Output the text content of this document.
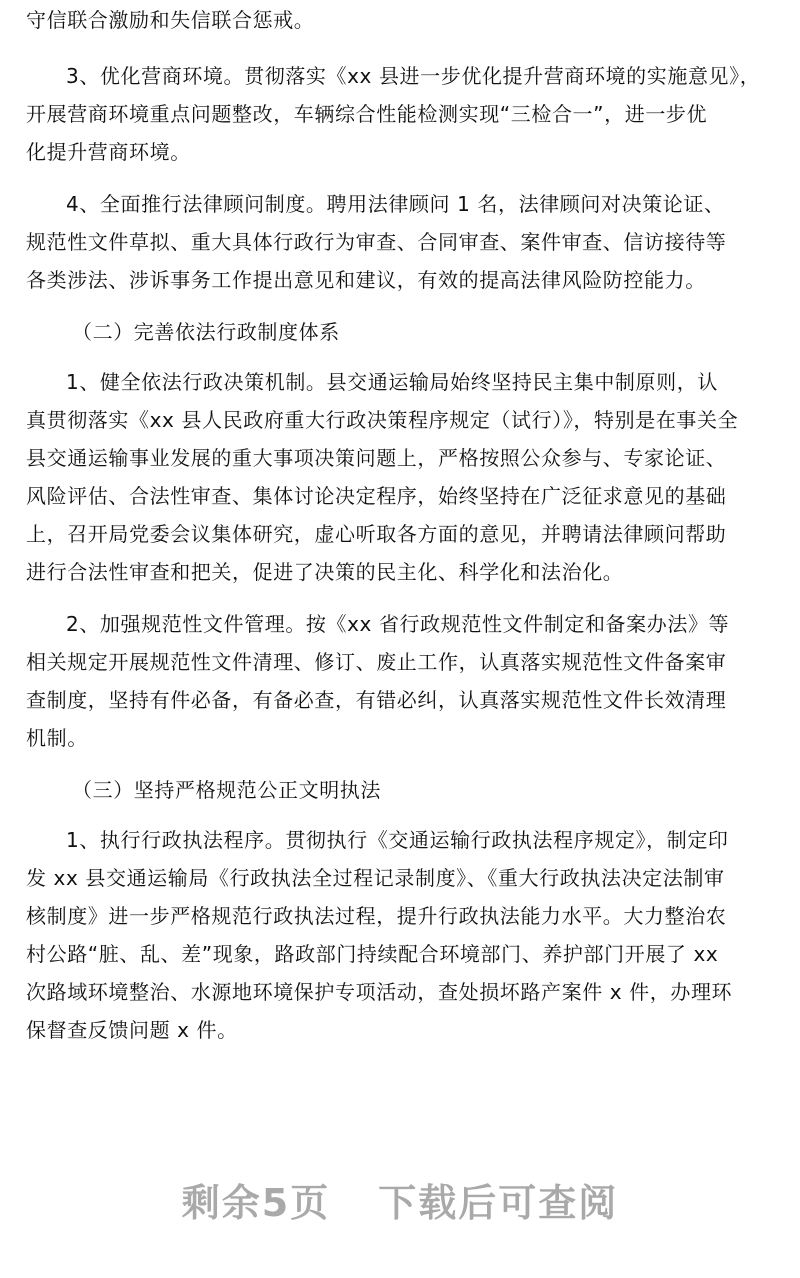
守信联合激励和失信联合惩戒。
3、优化营商环境。贯彻落实《xx 县进一步优化提升营商环境的实施意见》，
开展营商环境重点问题整改，车辆综合性能检测实现“三检合一”，进一步优
化提升营商环境。
4、全面推行法律顾问制度。聘用法律顾问 1 名，法律顾问对决策论证、
规范性文件草拟、重大具体行政行为审查、合同审查、案件审查、信访接待等
各类涉法、涉诉事务工作提出意见和建议，有效的提高法律风险防控能力。
（二）完善依法行政制度体系
1、健全依法行政决策机制。县交通运输局始终坚持民主集中制原则，认
真贯彻落实《xx 县人民政府重大行政决策程序规定（试行）》，特别是在事关全
县交通运输事业发展的重大事项决策问题上，严格按照公众参与、专家论证、
风险评估、合法性审查、集体讨论决定程序，始终坚持在广泛征求意见的基础
上，召开局党委会议集体研究，虚心听取各方面的意见，并聘请法律顾问帮助
进行合法性审查和把关，促进了决策的民主化、科学化和法治化。
2、加强规范性文件管理。按《xx 省行政规范性文件制定和备案办法》等
相关规定开展规范性文件清理、修订、废止工作，认真落实规范性文件备案审
查制度，坚持有件必备，有备必查，有错必纠，认真落实规范性文件长效清理
机制。
（三）坚持严格规范公正文明执法
1、执行行政执法程序。贯彻执行《交通运输行政执法程序规定》，制定印
发 xx 县交通运输局《行政执法全过程记录制度》、《重大行政执法决定法制审
核制度》进一步严格规范行政执法过程，提升行政执法能力水平。大力整治农
村公路“脏、乱、差”现象，路政部门持续配合环境部门、养护部门开展了 xx
次路域环境整治、水源地环境保护专项活动，查处损坏路产案件 x 件，办理环
保督查反馈问题 x 件。
剩余5页 下载后可查阅
